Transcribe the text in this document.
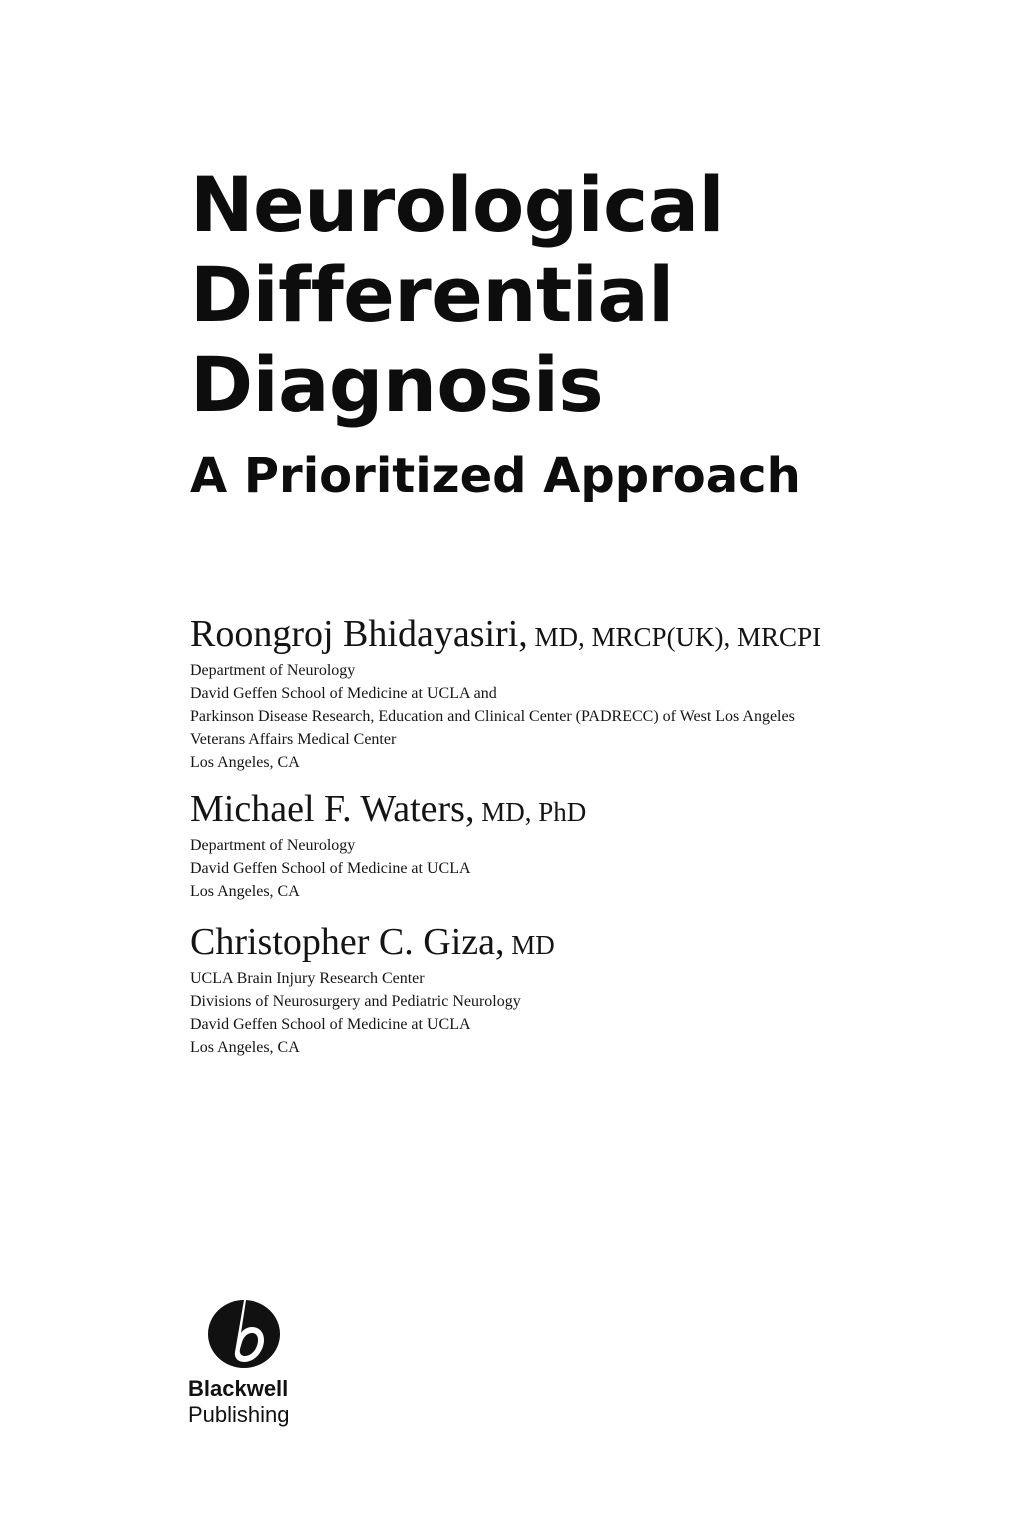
Neurological
Differential
Diagnosis
A Prioritized Approach
Roongroj Bhidayasiri, MD, MRCP(UK), MRCPI
Department of Neurology
David Geffen School of Medicine at UCLA and
Parkinson Disease Research, Education and Clinical Center (PADRECC) of West Los Angeles
Veterans Affairs Medical Center
Los Angeles, CA
Michael F. Waters, MD, PhD
Department of Neurology
David Geffen School of Medicine at UCLA
Los Angeles, CA
Christopher C. Giza, MD
UCLA Brain Injury Research Center
Divisions of Neurosurgery and Pediatric Neurology
David Geffen School of Medicine at UCLA
Los Angeles, CA
Blackwell
Publishing
